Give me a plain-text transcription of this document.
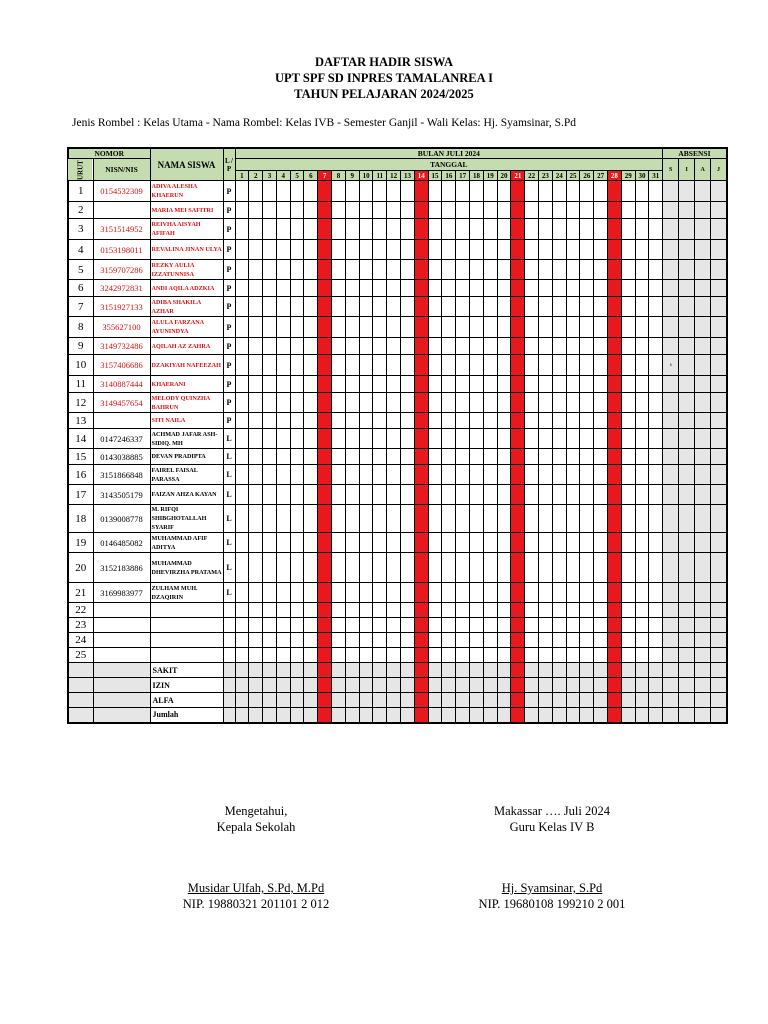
DAFTAR HADIR SISWA
UPT SPF SD INPRES TAMALANREA I
TAHUN PELAJARAN 2024/2025
Jenis Rombel : Kelas Utama - Nama Rombel: Kelas IVB - Semester Ganjil - Wali Kelas: Hj. Syamsinar, S.Pd
NOMOR		NAMA SISWA	L / P	BULAN JULI 2024																															ABSENSI			
URUT	NISN/NIS			TANGGAL																															S	I	A	J
				1	2	3	4	5	6	7	8	9	10	11	12	13	14	15	16	17	18	19	20	21	22	23	24	25	26	27	28	29	30	31				
1	0154532309	ADIVA ALESHA KHAERUN	P																																			
2		MARIA MEI SAFITRI	P																																			
3	3151514952	REIVHA AISYAH AFIFAH	P																																			
4	0153198011	REVALINA JINAN ULYA	P																																			
5	3159707286	REZKY AULIA IZZATUNNISA	P																																			
6	3242972831	ANDI AQILA ADZKIA	P																																			
7	3151927133	ADIBA SHAKILA AZHAR	P																																			
8	355627100	ALULA FARZANA AYUNINDYA	P																																			
9	3149732486	AQILAH AZ ZAHRA	P																																			
10	3157406686	DZAKIYAH NAFEEZAH	P																																s			
11	3140887444	KHAERANI	P																																			
12	3149457654	MELODY QUINZHA BAHRUN	P																																			
13		SITI NAILA	P																																			
14	0147246337	ACHMAD JAFAR ASH-SIDIQ. MH	L																																			
15	0143038885	DEVAN PRADIPTA	L																																			
16	3151866848	FAIREL FAISAL PARASSA	L																																			
17	3143505179	FAIZAN AHZA KAYAN	L																																			
18	0139008778	M. RIFQI SHIBGHOTALLAH SYARIF	L																																			
19	0146485082	MUHAMMAD AFIF ADITYA	L																																			
20	3152183886	MUHAMMAD DHEVIRZHA PRATAMA	L																																			
21	3169983977	ZULHAM MUH. DZAQIRIN	L																																			
22																																						
23																																						
24																																						
25																																						
		SAKIT																																				
		IZIN																																				
		ALFA																																				
		Jumlah																																				
Mengetahui,
Kepala Sekolah
Musidar Ulfah, S.Pd, M.Pd
NIP. 19880321 201101 2 012
Makassar …. Juli 2024
Guru Kelas IV B
Hj. Syamsinar, S.Pd
NIP. 19680108 199210 2 001
